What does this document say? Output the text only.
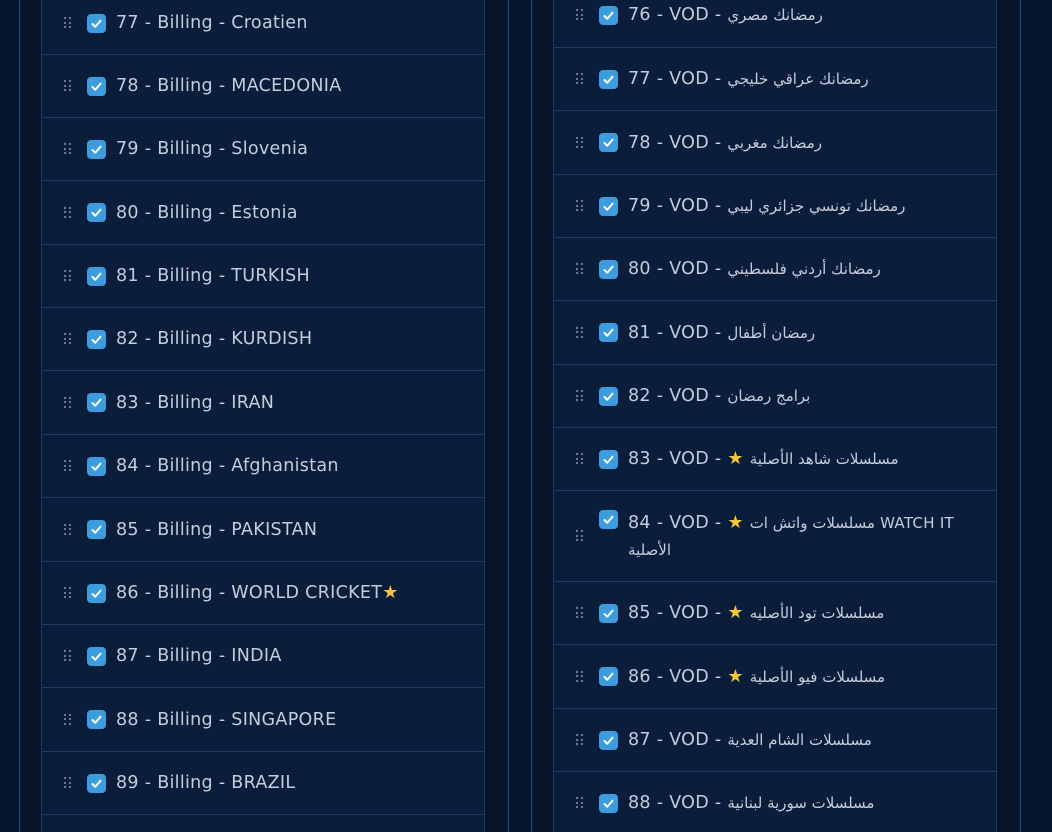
77 - Billing - Croatien
78 - Billing - MACEDONIA
79 - Billing - Slovenia
80 - Billing - Estonia
81 - Billing - TURKISH
82 - Billing - KURDISH
83 - Billing - IRAN
84 - Billing - Afghanistan
85 - Billing - PAKISTAN
86 - Billing - WORLD CRICKET★
87 - Billing - INDIA
88 - Billing - SINGAPORE
89 - Billing - BRAZIL
76 - VOD - رمضانك مصري
77 - VOD - رمضانك عراقي خليجي
78 - VOD - رمضانك مغربي
79 - VOD - رمضانك تونسي جزائري ليبي
80 - VOD - رمضانك أردني فلسطيني
81 - VOD - رمضان أطفال
82 - VOD - برامج رمضان
83 - VOD - ★ مسلسلات شاهد الأصلية
84 - VOD - ★ WATCH IT مسلسلات واتش ات
الأصلية
85 - VOD - ★ مسلسلات تود الأصليه
86 - VOD - ★ مسلسلات فيو الأصلية
87 - VOD - مسلسلات الشام العدية
88 - VOD - مسلسلات سورية لبنانية
